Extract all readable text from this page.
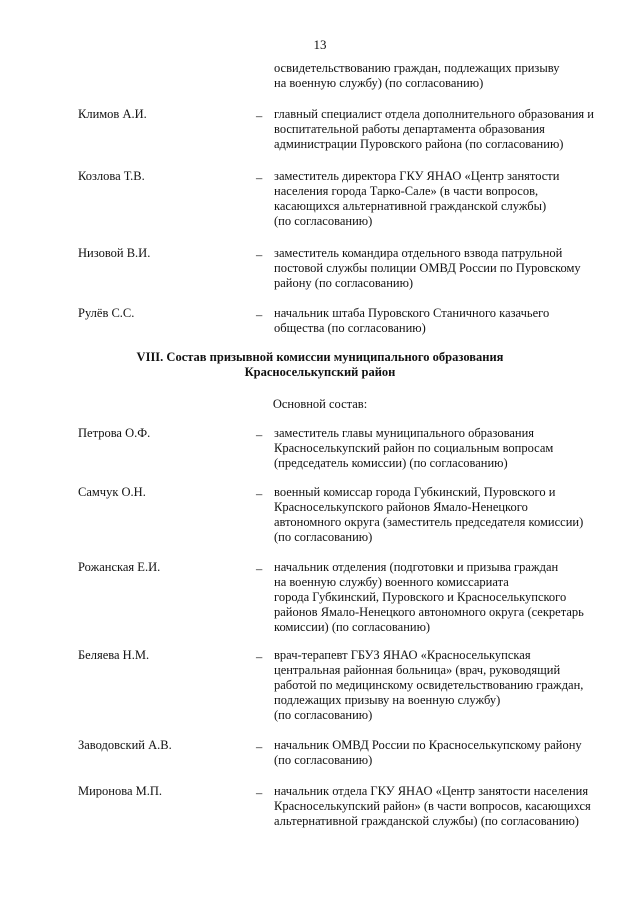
13
освидетельствованию граждан, подлежащих призыву
на военную службу) (по согласованию)
Климов А.И.	– главный специалист отдела дополнительного образования и
воспитательной работы департамента образования
администрации Пуровского района (по согласованию)
Козлова Т.В.	– заместитель директора ГКУ ЯНАО «Центр занятости
населения города Тарко-Сале» (в части вопросов,
касающихся альтернативной гражданской службы)
(по согласованию)
Низовой В.И.	– заместитель командира отдельного взвода патрульной
постовой службы полиции ОМВД России по Пуровскому
району (по согласованию)
Рулёв С.С.	– начальник штаба Пуровского Станичного казачьего
общества (по согласованию)
VIII. Состав призывной комиссии муниципального образования
Красноселькупский район
Основной состав:
Петрова О.Ф.	– заместитель главы муниципального образования
Красноселькупский район по социальным вопросам
(председатель комиссии) (по согласованию)
Самчук О.Н.	– военный комиссар города Губкинский, Пуровского и
Красноселькупского районов Ямало-Ненецкого
автономного округа (заместитель председателя комиссии)
(по согласованию)
Рожанская Е.И.	– начальник отделения (подготовки и призыва граждан
на военную службу) военного комиссариата
города Губкинский, Пуровского и Красноселькупского
районов Ямало-Ненецкого автономного округа (секретарь
комиссии) (по согласованию)
Беляева Н.М.	– врач-терапевт ГБУЗ ЯНАО «Красноселькупская
центральная районная больница» (врач, руководящий
работой по медицинскому освидетельствованию граждан,
подлежащих призыву на военную службу)
(по согласованию)
Заводовский А.В.	– начальник ОМВД России по Красноселькупскому району
(по согласованию)
Миронова М.П.	– начальник отдела ГКУ ЯНАО «Центр занятости населения
Красноселькупский район» (в части вопросов, касающихся
альтернативной гражданской службы) (по согласованию)
